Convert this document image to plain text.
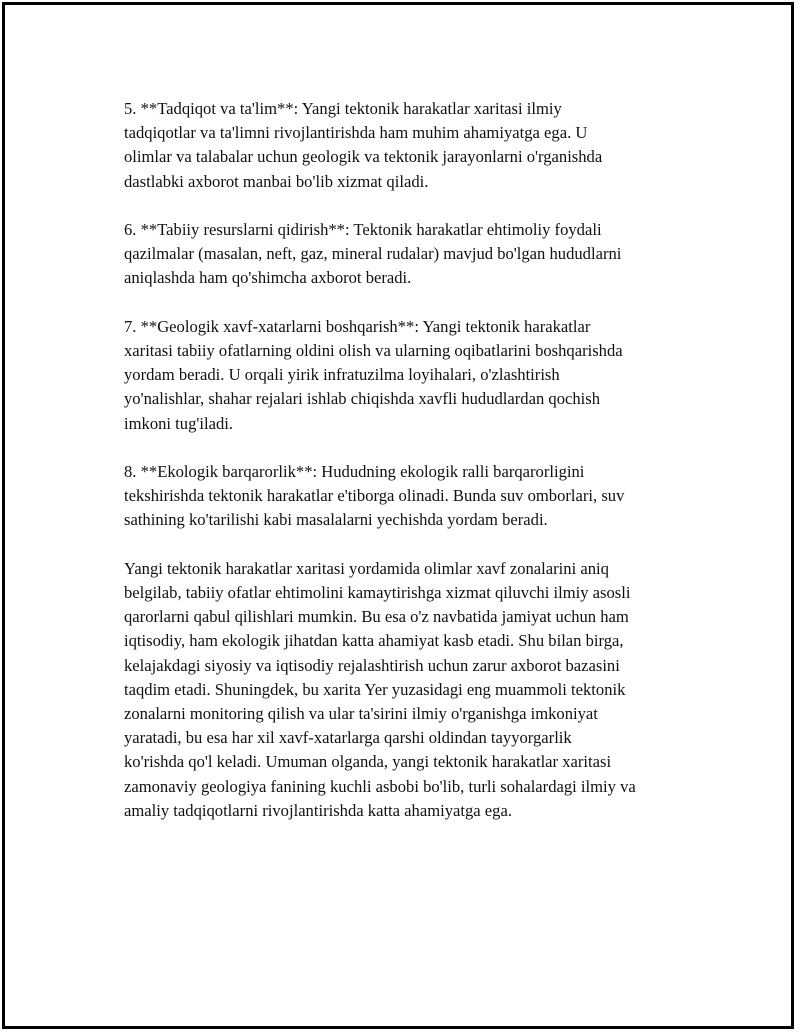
5. **Tadqiqot va ta'lim**: Yangi tektonik harakatlar xaritasi ilmiy
tadqiqotlar va ta'limni rivojlantirishda ham muhim ahamiyatga ega. U
olimlar va talabalar uchun geologik va tektonik jarayonlarni o'rganishda
dastlabki axborot manbai bo'lib xizmat qiladi.

6. **Tabiiy resurslarni qidirish**: Tektonik harakatlar ehtimoliy foydali
qazilmalar (masalan, neft, gaz, mineral rudalar) mavjud bo'lgan hududlarni
aniqlashda ham qo'shimcha axborot beradi.

7. **Geologik xavf-xatarlarni boshqarish**: Yangi tektonik harakatlar
xaritasi tabiiy ofatlarning oldini olish va ularning oqibatlarini boshqarishda
yordam beradi. U orqali yirik infratuzilma loyihalari, o'zlashtirish
yo'nalishlar, shahar rejalari ishlab chiqishda xavfli hududlardan qochish
imkoni tug'iladi.

8. **Ekologik barqarorlik**: Hududning ekologik ralli barqarorligini
tekshirishda tektonik harakatlar e'tiborga olinadi. Bunda suv omborlari, suv
sathining ko'tarilishi kabi masalalarni yechishda yordam beradi.

Yangi tektonik harakatlar xaritasi yordamida olimlar xavf zonalarini aniq
belgilab, tabiiy ofatlar ehtimolini kamaytirishga xizmat qiluvchi ilmiy asosli
qarorlarni qabul qilishlari mumkin. Bu esa o'z navbatida jamiyat uchun ham
iqtisodiy, ham ekologik jihatdan katta ahamiyat kasb etadi. Shu bilan birga,
kelajakdagi siyosiy va iqtisodiy rejalashtirish uchun zarur axborot bazasini
taqdim etadi. Shuningdek, bu xarita Yer yuzasidagi eng muammoli tektonik
zonalarni monitoring qilish va ular ta'sirini ilmiy o'rganishga imkoniyat
yaratadi, bu esa har xil xavf-xatarlarga qarshi oldindan tayyorgarlik
ko'rishda qo'l keladi. Umuman olganda, yangi tektonik harakatlar xaritasi
zamonaviy geologiya fanining kuchli asbobi bo'lib, turli sohalardagi ilmiy va
amaliy tadqiqotlarni rivojlantirishda katta ahamiyatga ega.
